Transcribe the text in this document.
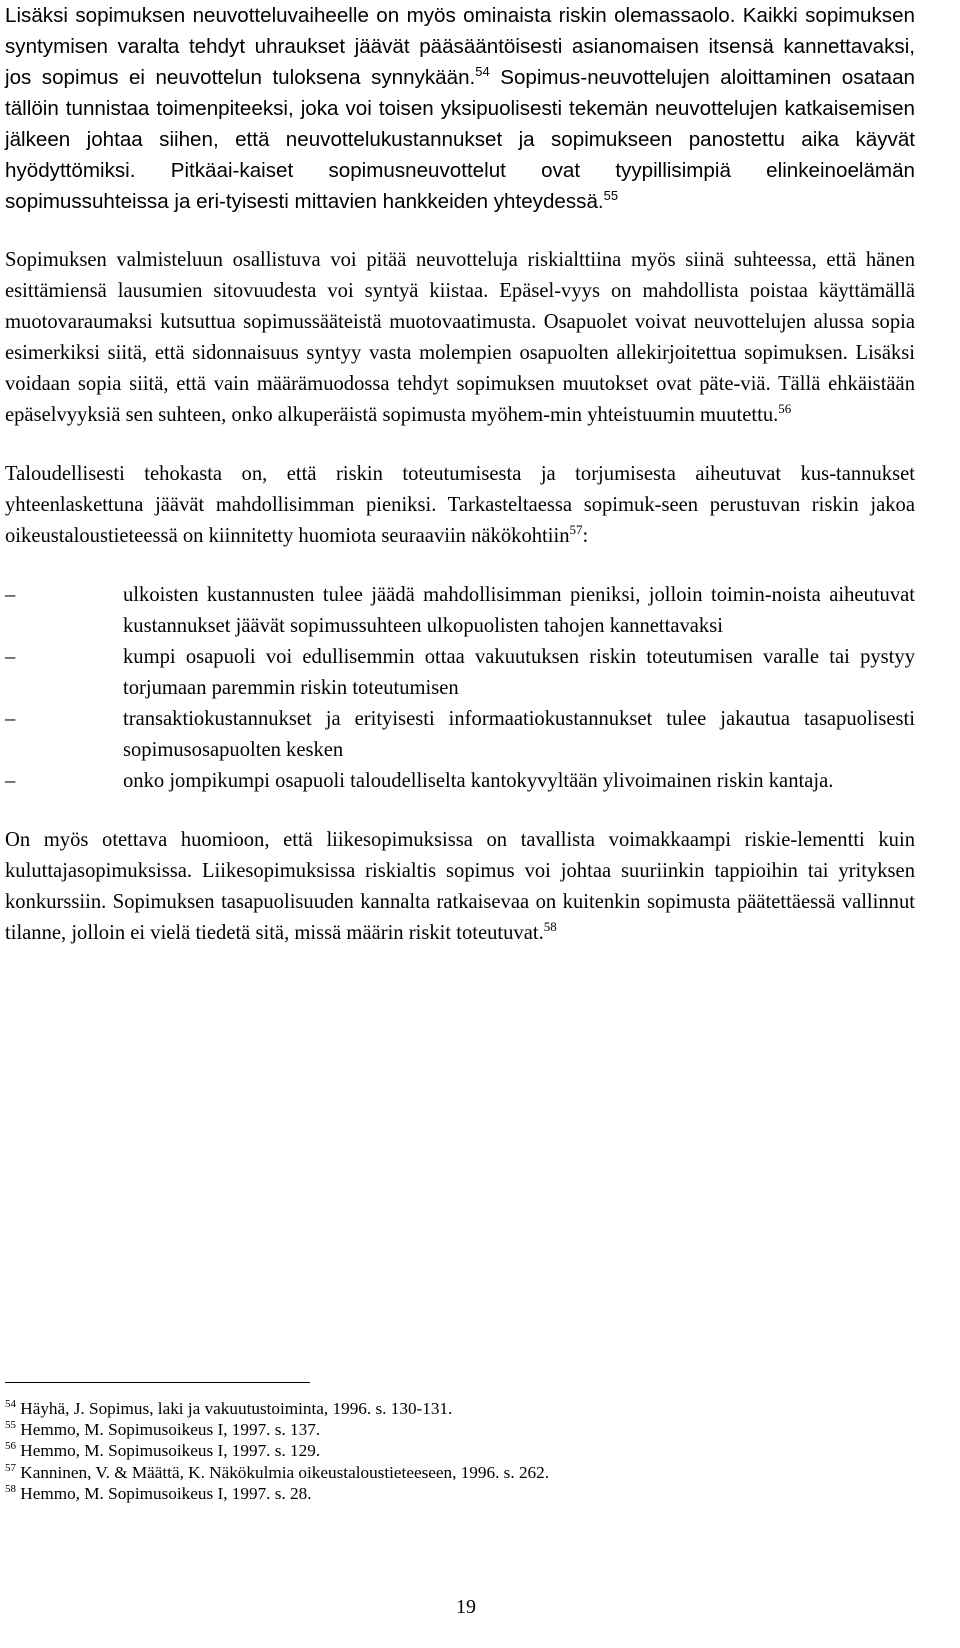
Lisäksi sopimuksen neuvotteluvaiheelle on myös ominaista riskin olemassaolo. Kaikki sopimuksen syntymisen varalta tehdyt uhraukset jäävät pääsääntöisesti asianomaisen itsensä kannettavaksi, jos sopimus ei neuvottelun tuloksena synnykään.$^{54}$ Sopimus-neuvottelujen aloittaminen osataan tällöin tunnistaa toimenpiteeksi, joka voi toisen yksipuolisesti tekemän neuvottelujen katkaisemisen jälkeen johtaa siihen, että neuvottelukustannukset ja sopimukseen panostettu aika käyvät hyödyttömiksi. Pitkäai-kaiset sopimusneuvottelut ovat tyypillisimpiä elinkeinoelämän sopimussuhteissa ja eri-tyisesti mittavien hankkeiden yhteydessä.$^{55}$

Sopimuksen valmisteluun osallistuva voi pitää neuvotteluja riskialttiina myös siinä suhteessa, että hänen esittämiensä lausumien sitovuudesta voi syntyä kiistaa. Epäsel-vyys on mahdollista poistaa käyttämällä muotovaraumaksi kutsuttua sopimussääteistä muotovaatimusta. Osapuolet voivat neuvottelujen alussa sopia esimerkiksi siitä, että sidonnaisuus syntyy vasta molempien osapuolten allekirjoitettua sopimuksen. Lisäksi voidaan sopia siitä, että vain määrämuodossa tehdyt sopimuksen muutokset ovat päte-viä. Tällä ehkäistään epäselvyyksiä sen suhteen, onko alkuperäistä sopimusta myöhem-min yhteistuumin muutettu.$^{56}$

Taloudellisesti tehokasta on, että riskin toteutumisesta ja torjumisesta aiheutuvat kus-tannukset yhteenlaskettuna jäävät mahdollisimman pieniksi. Tarkasteltaessa sopimuk-seen perustuvan riskin jakoa oikeustaloustieteessä on kiinnitetty huomiota seuraaviin näkökohtiin$^{57}$:

–	ulkoisten kustannusten tulee jäädä mahdollisimman pieniksi, jolloin toimin-noista aiheutuvat kustannukset jäävät sopimussuhteen ulkopuolisten tahojen kannettavaksi
–	kumpi osapuoli voi edullisemmin ottaa vakuutuksen riskin toteutumisen varalle tai pystyy torjumaan paremmin riskin toteutumisen
–	transaktiokustannukset ja erityisesti informaatiokustannukset tulee jakautua tasapuolisesti sopimusosapuolten kesken
–	onko jompikumpi osapuoli taloudelliselta kantokyvyltään ylivoimainen riskin kantaja.

On myös otettava huomioon, että liikesopimuksissa on tavallista voimakkaampi riskie-lementti kuin kuluttajasopimuksissa. Liikesopimuksissa riskialtis sopimus voi johtaa suuriinkin tappioihin tai yrityksen konkurssiin. Sopimuksen tasapuolisuuden kannalta ratkaisevaa on kuitenkin sopimusta päätettäessä vallinnut tilanne, jolloin ei vielä tiedetä sitä, missä määrin riskit toteutuvat.$^{58}$

$^{54}$ Häyhä, J. Sopimus, laki ja vakuutustoiminta, 1996. s. 130-131.
$^{55}$ Hemmo, M. Sopimusoikeus I, 1997. s. 137.
$^{56}$ Hemmo, M. Sopimusoikeus I, 1997. s. 129.
$^{57}$ Kanninen, V. & Määttä, K. Näkökulmia oikeustaloustieteeseen, 1996. s. 262.
$^{58}$ Hemmo, M. Sopimusoikeus I, 1997. s. 28.
19
